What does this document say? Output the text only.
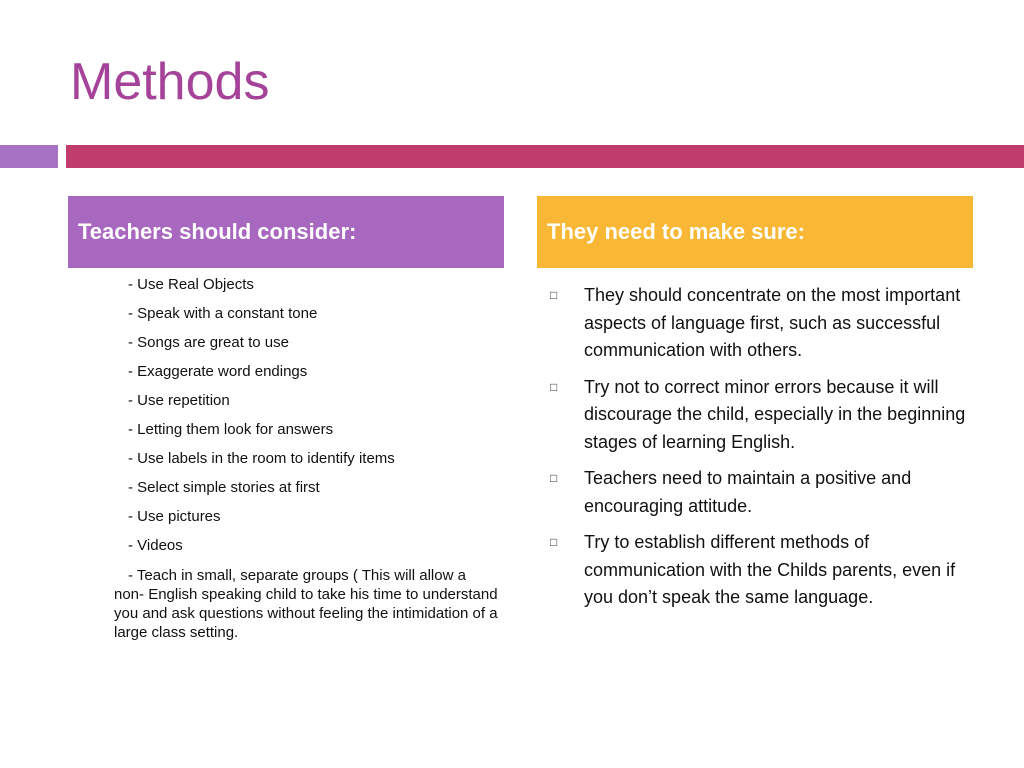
Methods
Teachers should consider:	They need to make sure:
- Use Real Objects
- Speak with a constant tone
- Songs are great to use
- Exaggerate word endings
- Use repetition
- Letting them look for answers
- Use labels in the room to identify items
- Select simple stories at first
- Use pictures
- Videos
- Teach in small, separate groups ( This will allow a non- English speaking child to take his time to understand you and ask questions without feeling the intimidation of a large class setting.
□ They should concentrate on the most important aspects of language first, such as successful communication with others.
□ Try not to correct minor errors because it will discourage the child, especially in the beginning stages of learning English.
□ Teachers need to maintain a positive and encouraging attitude.
□ Try to establish different methods of communication with the Childs parents, even if you don’t speak the same language.
